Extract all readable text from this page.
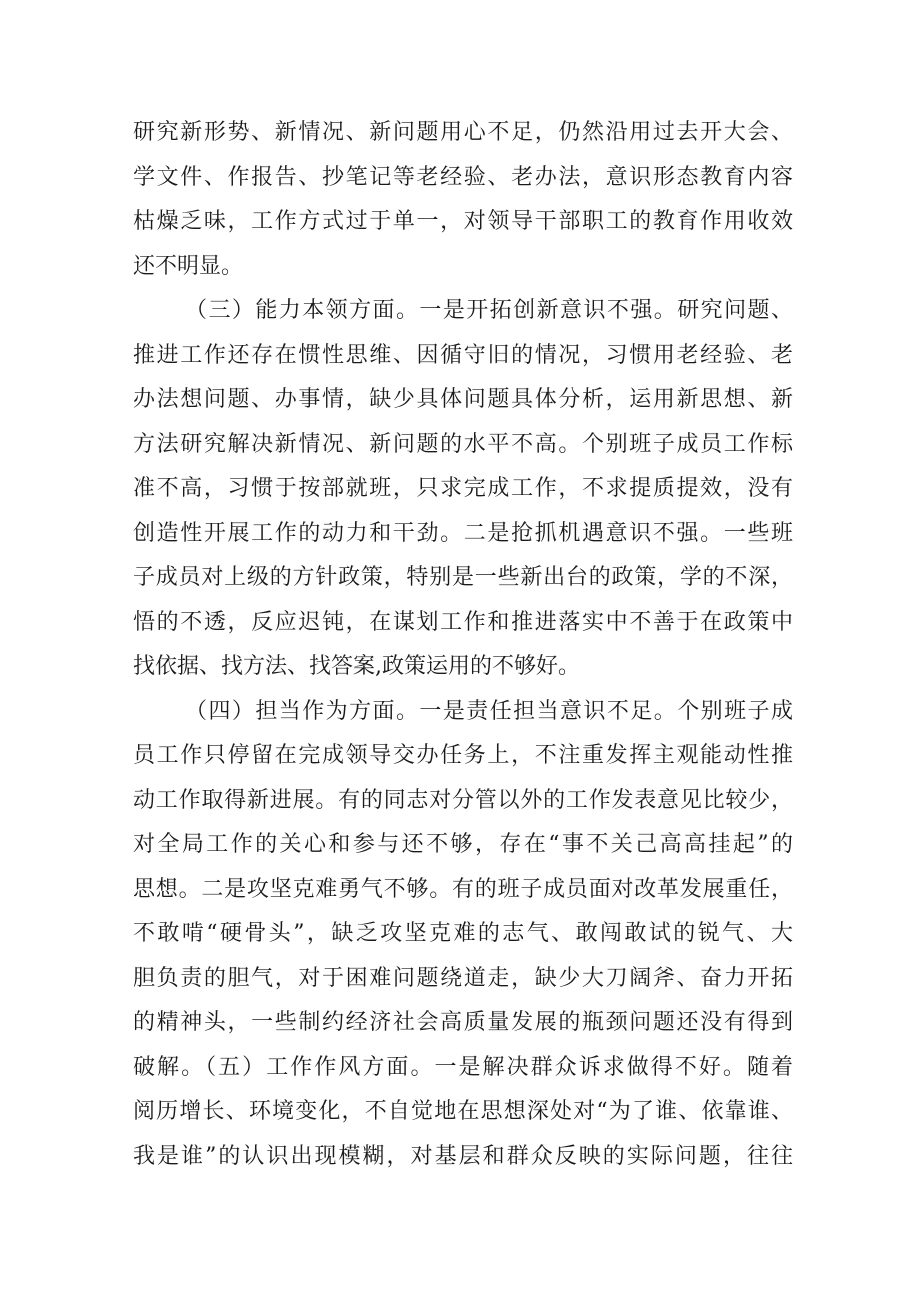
研究新形势、新情况、新问题用心不足，仍然沿用过去开大会、
学文件、作报告、抄笔记等老经验、老办法，意识形态教育内容
枯燥乏味，工作方式过于单一，对领导干部职工的教育作用收效
还不明显。
（三）能力本领方面。一是开拓创新意识不强。研究问题、
推进工作还存在惯性思维、因循守旧的情况，习惯用老经验、老
办法想问题、办事情，缺少具体问题具体分析，运用新思想、新
方法研究解决新情况、新问题的水平不高。个别班子成员工作标
准不高，习惯于按部就班，只求完成工作，不求提质提效，没有
创造性开展工作的动力和干劲。二是抢抓机遇意识不强。一些班
子成员对上级的方针政策，特别是一些新出台的政策，学的不深，
悟的不透，反应迟钝，在谋划工作和推进落实中不善于在政策中
找依据、找方法、找答案,政策运用的不够好。
（四）担当作为方面。一是责任担当意识不足。个别班子成
员工作只停留在完成领导交办任务上，不注重发挥主观能动性推
动工作取得新进展。有的同志对分管以外的工作发表意见比较少，
对全局工作的关心和参与还不够，存在“事不关己高高挂起”的
思想。二是攻坚克难勇气不够。有的班子成员面对改革发展重任，
不敢啃“硬骨头”，缺乏攻坚克难的志气、敢闯敢试的锐气、大
胆负责的胆气，对于困难问题绕道走，缺少大刀阔斧、奋力开拓
的精神头，一些制约经济社会高质量发展的瓶颈问题还没有得到
破解。（五）工作作风方面。一是解决群众诉求做得不好。随着
阅历增长、环境变化，不自觉地在思想深处对“为了谁、依靠谁、
我是谁”的认识出现模糊，对基层和群众反映的实际问题，往往
